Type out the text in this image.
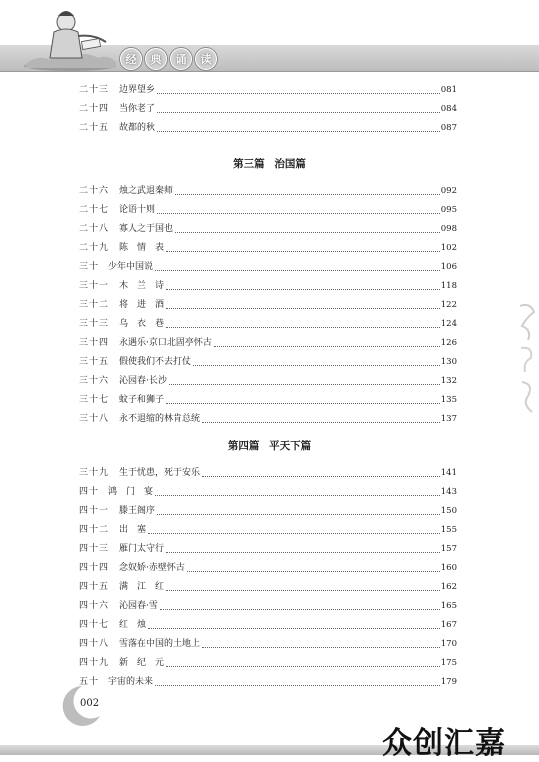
经	典	诵	读
二十三	边界望乡	081
二十四	当你老了	084
二十五	故都的秋	087
第三篇 治国篇
二十六	烛之武退秦师	092
二十七	论语十则	095
二十八	寡人之于国也	098
二十九	陈　情　表	102
三十 少年中国说	106
三十一	木　兰　诗	118
三十二	将　进　酒	122
三十三	乌　衣　巷	124
三十四	永遇乐·京口北固亭怀古	126
三十五	假使我们不去打仗	130
三十六	沁园春·长沙	132
三十七	蚊子和狮子	135
三十八	永不退缩的林肯总统	137
第四篇 平天下篇
三十九	生于忧患，死于安乐	141
四十 鸿　门　宴	143
四十一	滕王阁序	150
四十二	出　塞	155
四十三	雁门太守行	157
四十四	念奴娇·赤壁怀古	160
四十五	满　江　红	162
四十六	沁园春·雪	165
四十七	红　烛	167
四十八	雪落在中国的土地上	170
四十九	新　纪　元	175
五十 宇宙的未来	179
002
众创汇嘉
